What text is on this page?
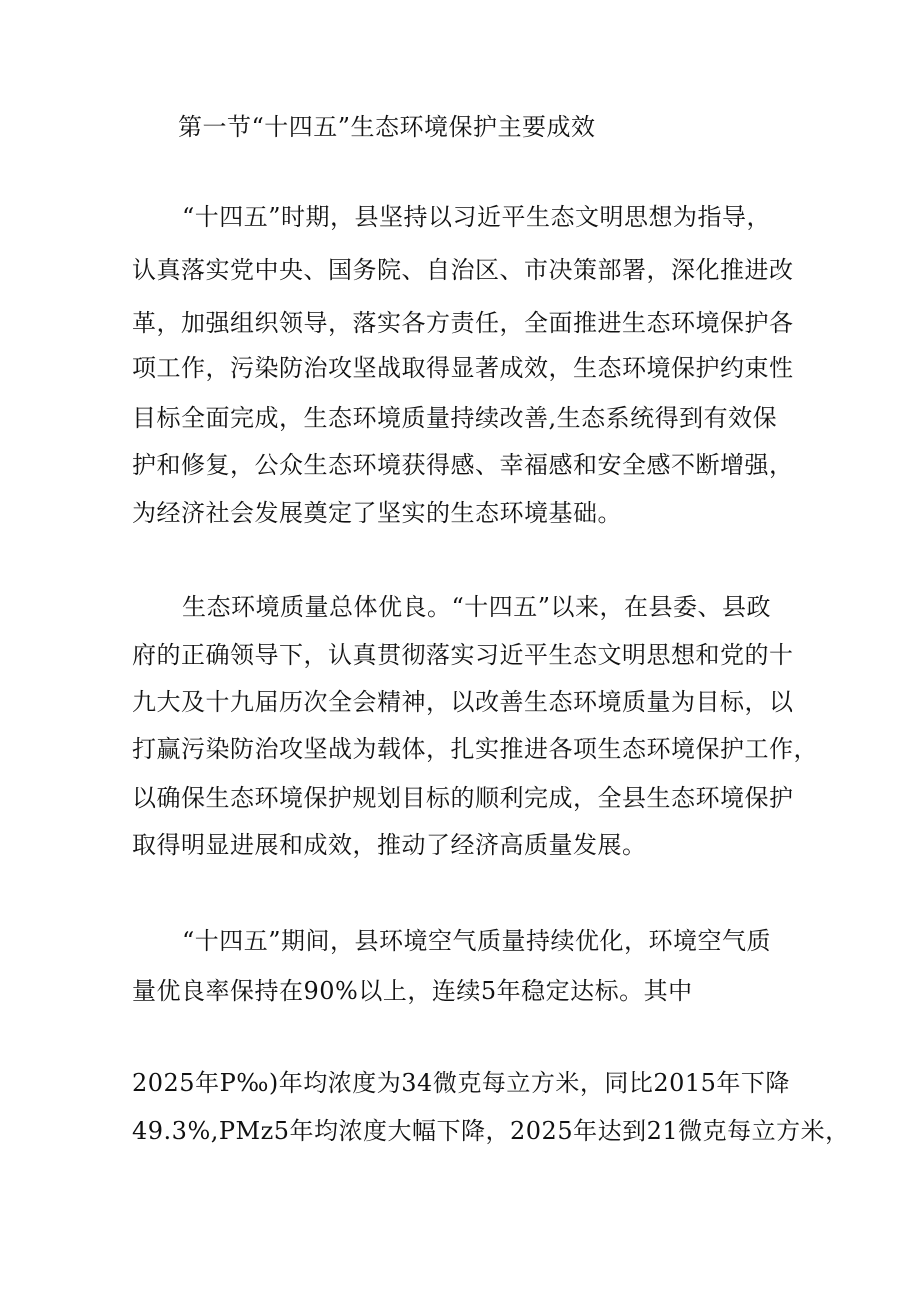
第一节“十四五”生态环境保护主要成效
“十四五”时期，县坚持以习近平生态文明思想为指导，
认真落实党中央、国务院、自治区、市决策部署，深化推进改
革，加强组织领导，落实各方责任，全面推进生态环境保护各
项工作，污染防治攻坚战取得显著成效，生态环境保护约束性
目标全面完成，生态环境质量持续改善,生态系统得到有效保
护和修复，公众生态环境获得感、幸福感和安全感不断增强，
为经济社会发展奠定了坚实的生态环境基础。
生态环境质量总体优良。“十四五”以来，在县委、县政
府的正确领导下，认真贯彻落实习近平生态文明思想和党的十
九大及十九届历次全会精神，以改善生态环境质量为目标，以
打赢污染防治攻坚战为载体，扎实推进各项生态环境保护工作，
以确保生态环境保护规划目标的顺利完成，全县生态环境保护
取得明显进展和成效，推动了经济高质量发展。
“十四五”期间，县环境空气质量持续优化，环境空气质
量优良率保持在90%以上，连续5年稳定达标。其中
2025年P‰)年均浓度为34微克每立方米，同比2015年下降
49.3%,PMz5年均浓度大幅下降，2025年达到21微克每立方米，
